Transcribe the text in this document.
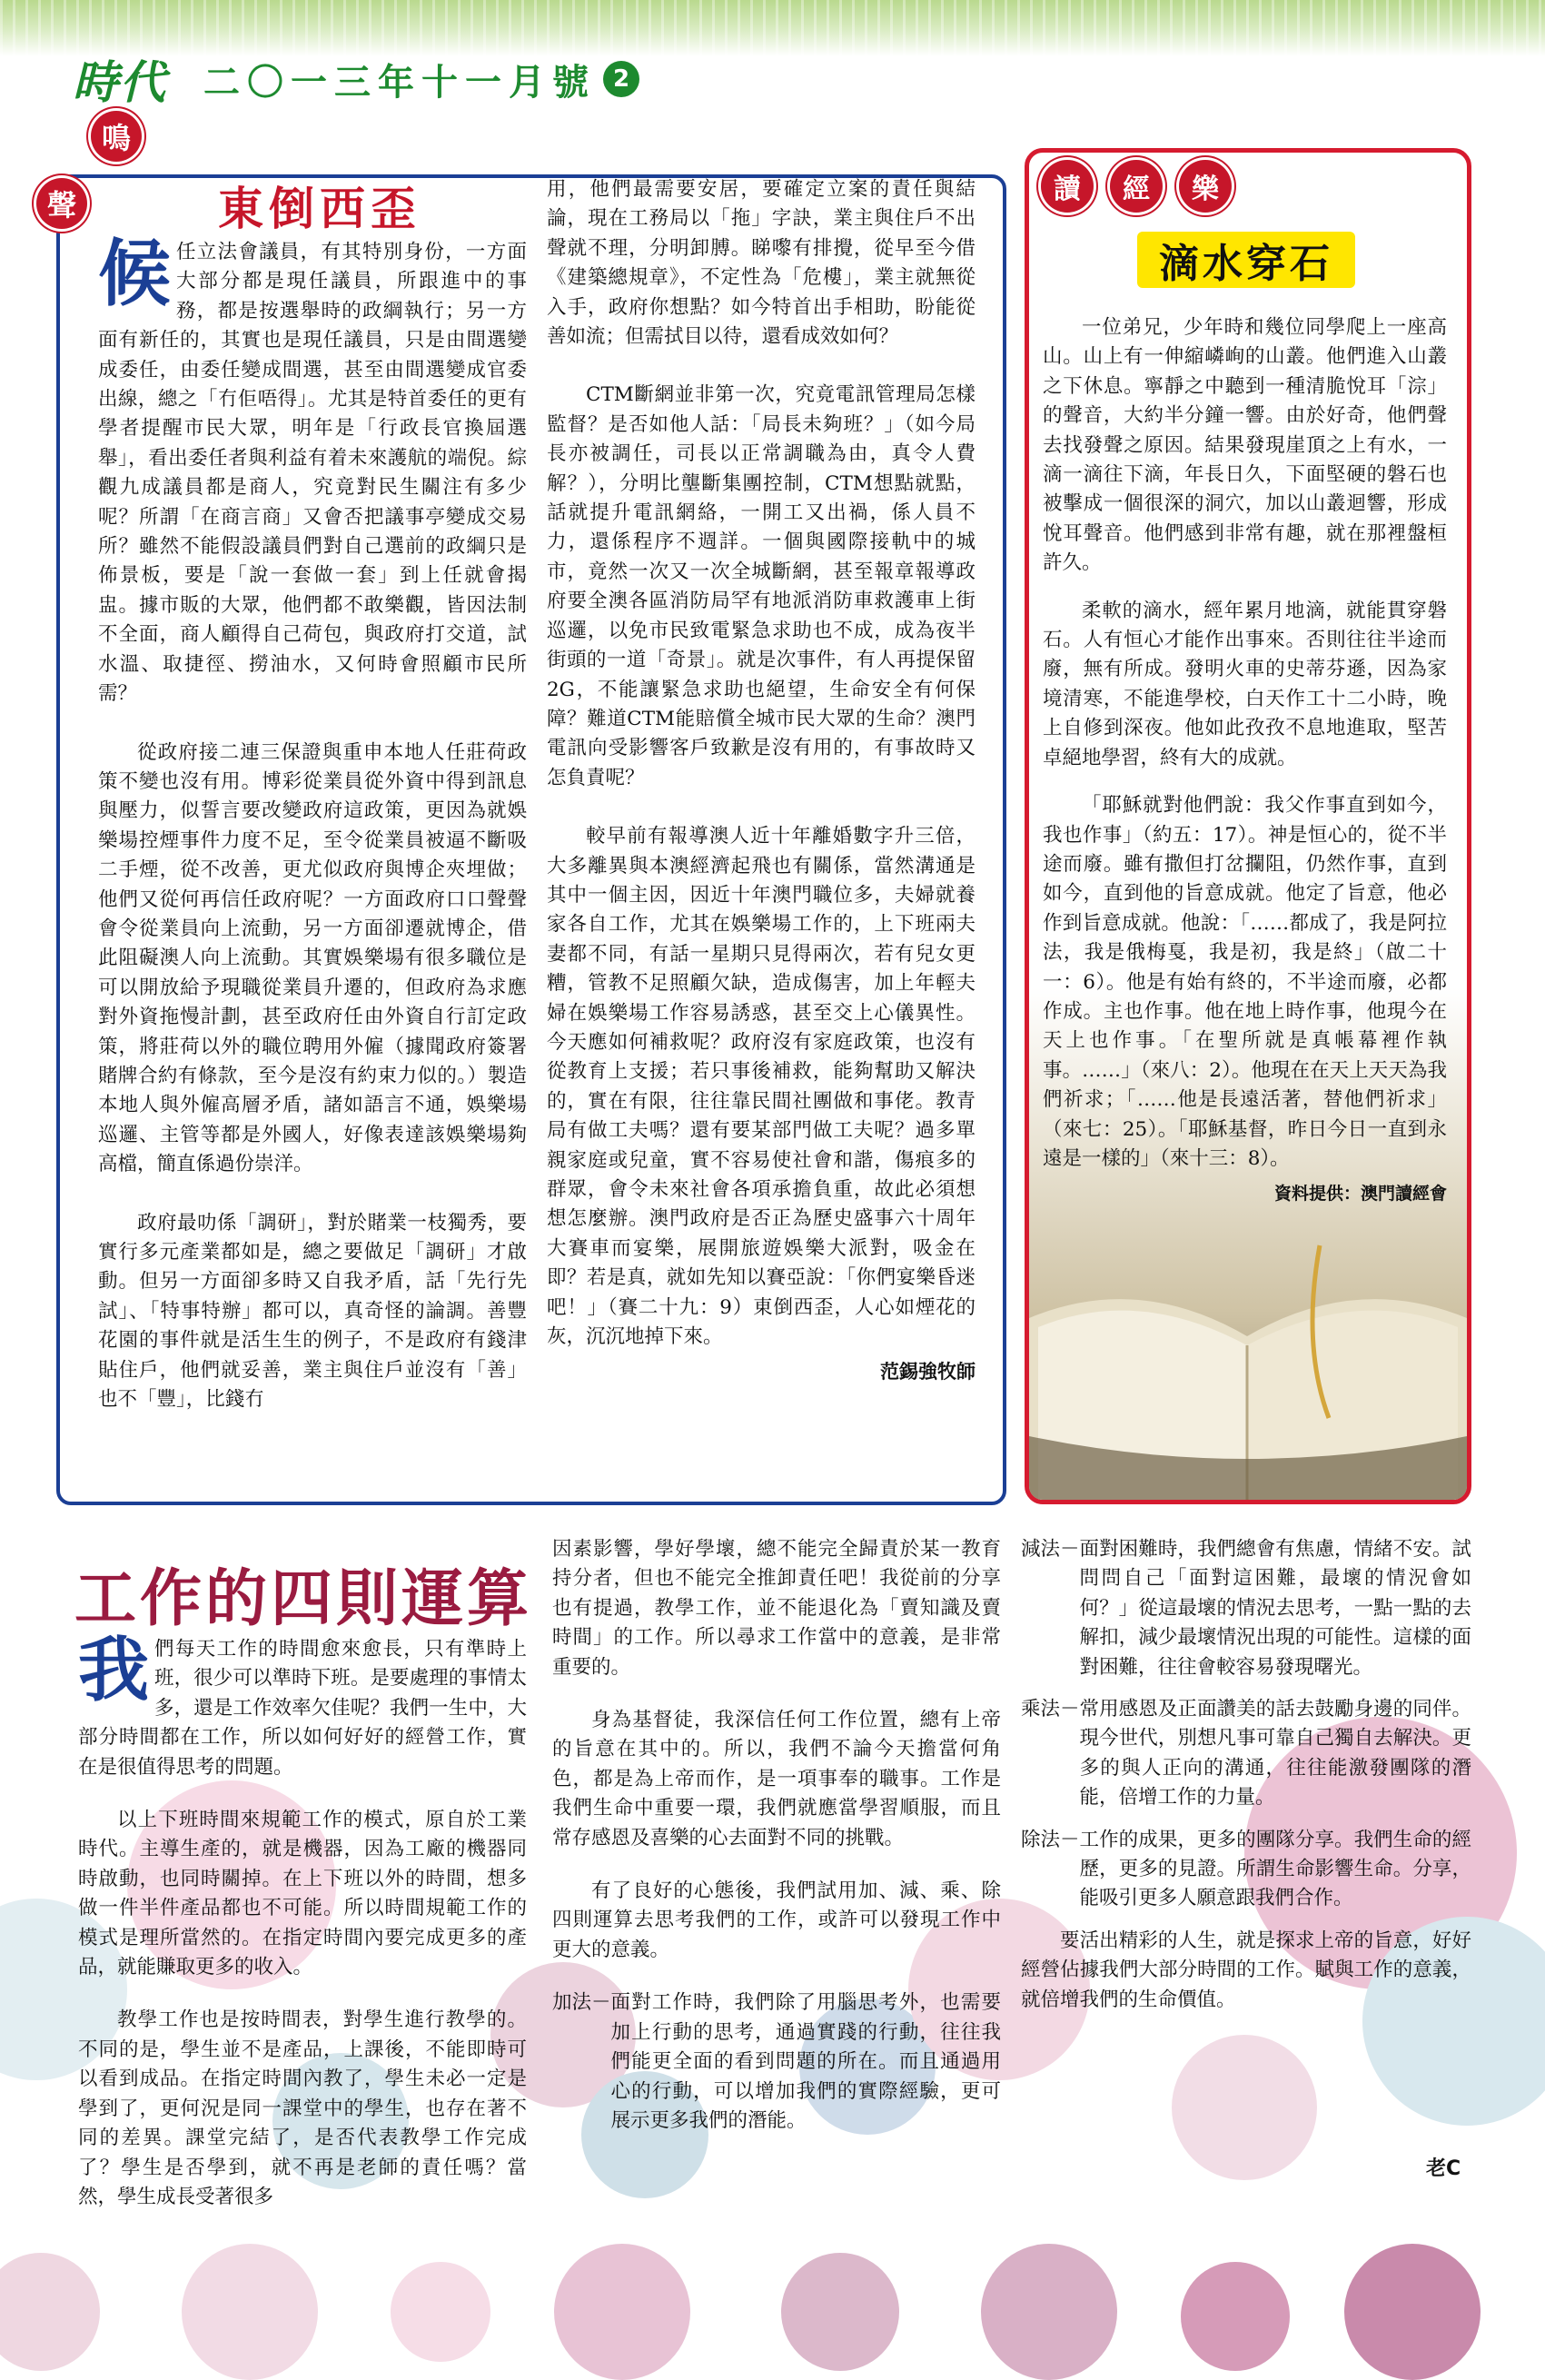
時代 二〇一三年十一月號 2
鳴
聲	東倒西歪

候任立法會議員，有其特別身份，一方面大部分都是現任議員，所跟進中的事務，都是按選舉時的政綱執行；另一方面有新任的，其實也是現任議員，只是由間選變成委任，由委任變成間選，甚至由間選變成官委出線，總之「冇佢唔得」。尤其是特首委任的更有學者提醒市民大眾，明年是「行政長官換屆選舉」，看出委任者與利益有着未來護航的端倪。綜觀九成議員都是商人，究竟對民生關注有多少呢？所謂「在商言商」又會否把議事亭變成交易所？雖然不能假設議員們對自己選前的政綱只是佈景板，要是「說一套做一套」到上任就會揭盅。據市販的大眾，他們都不敢樂觀，皆因法制不全面，商人顧得自己荷包，與政府打交道，試水溫、取捷徑、撈油水，又何時會照顧市民所需？

從政府接二連三保證與重申本地人任莊荷政策不變也沒有用。博彩從業員從外資中得到訊息與壓力，似誓言要改變政府這政策，更因為就娛樂場控煙事件力度不足，至令從業員被逼不斷吸二手煙，從不改善，更尤似政府與博企夾埋做；他們又從何再信任政府呢？一方面政府口口聲聲會令從業員向上流動，另一方面卻遷就博企，借此阻礙澳人向上流動。其實娛樂場有很多職位是可以開放給予現職從業員升遷的，但政府為求應對外資拖慢計劃，甚至政府任由外資自行訂定政策，將莊荷以外的職位聘用外僱（據聞政府簽署賭牌合約有條款，至今是沒有約束力似的。）製造本地人與外僱高層矛盾，諸如語言不通，娛樂場巡邏、主管等都是外國人，好像表達該娛樂場夠高檔，簡直係過份崇洋。

政府最叻係「調研」，對於賭業一枝獨秀，要實行多元產業都如是，總之要做足「調研」才啟動。但另一方面卻多時又自我矛盾，話「先行先試」、「特事特辦」都可以，真奇怪的論調。善豐花園的事件就是活生生的例子，不是政府有錢津貼住戶，他們就妥善，業主與住戶並沒有「善」也不「豐」，比錢冇

用，他們最需要安居，要確定立案的責任與結論，現在工務局以「拖」字訣，業主與住戶不出聲就不理，分明卸膊。睇嚟有排攪，從早至今借《建築總規章》，不定性為「危樓」，業主就無從入手，政府你想點？如今特首出手相助，盼能從善如流；但需拭目以待，還看成效如何？

CTM斷網並非第一次，究竟電訊管理局怎樣監督？是否如他人話：「局長未夠班？」（如今局長亦被調任，司長以正常調職為由，真令人費解？），分明比壟斷集團控制，CTM想點就點，話就提升電訊網絡，一開工又出禍，係人員不力，還係程序不週詳。一個與國際接軌中的城市，竟然一次又一次全城斷網，甚至報章報導政府要全澳各區消防局罕有地派消防車救護車上街巡邏，以免市民致電緊急求助也不成，成為夜半街頭的一道「奇景」。就是次事件，有人再提保留2G，不能讓緊急求助也絕望，生命安全有何保障？難道CTM能賠償全城市民大眾的生命？澳門電訊向受影響客戶致歉是沒有用的，有事故時又怎負責呢？

較早前有報導澳人近十年離婚數字升三倍，大多離異與本澳經濟起飛也有關係，當然溝通是其中一個主因，因近十年澳門職位多，夫婦就養家各自工作，尤其在娛樂場工作的，上下班兩夫妻都不同，有話一星期只見得兩次，若有兒女更糟，管教不足照顧欠缺，造成傷害，加上年輕夫婦在娛樂場工作容易誘惑，甚至交上心儀異性。今天應如何補救呢？政府沒有家庭政策，也沒有從教育上支援；若只事後補救，能夠幫助又解決的，實在有限，往往靠民間社團做和事佬。教青局有做工夫嗎？還有要某部門做工夫呢？過多單親家庭或兒童，實不容易使社會和諧，傷痕多的群眾，會令未來社會各項承擔負重，故此必須想想怎麼辦。澳門政府是否正為歷史盛事六十周年大賽車而宴樂，展開旅遊娛樂大派對，吸金在即？若是真，就如先知以賽亞說：「你們宴樂昏迷吧！」（賽二十九：9）東倒西歪，人心如煙花的灰，沉沉地掉下來。

范錫強牧師
讀	經	樂
滴水穿石

一位弟兄，少年時和幾位同學爬上一座高山。山上有一伸縮嶙峋的山叢。他們進入山叢之下休息。寧靜之中聽到一種清脆悅耳「淙」的聲音，大約半分鐘一響。由於好奇，他們聲去找發聲之原因。結果發現崖頂之上有水，一滴一滴往下滴，年長日久，下面堅硬的磐石也被擊成一個很深的洞穴，加以山叢迴響，形成悅耳聲音。他們感到非常有趣，就在那裡盤桓許久。

柔軟的滴水，經年累月地滴，就能貫穿磐石。人有恒心才能作出事來。否則往往半途而廢，無有所成。發明火車的史蒂芬遜，因為家境清寒，不能進學校，白天作工十二小時，晚上自修到深夜。他如此孜孜不息地進取，堅苦卓絕地學習，終有大的成就。

「耶穌就對他們說：我父作事直到如今，我也作事」（約五：17）。神是恒心的，從不半途而廢。雖有撒但打岔攔阻，仍然作事，直到如今，直到他的旨意成就。他定了旨意，他必作到旨意成就。他說：「……都成了，我是阿拉法，我是俄梅戛，我是初，我是終」（啟二十一：6）。他是有始有終的，不半途而廢，必都作成。主也作事。他在地上時作事，他現今在天上也作事。「在聖所就是真帳幕裡作執事。……」（來八：2）。他現在在天上天天為我們祈求；「……他是長遠活著，替他們祈求」（來七：25）。「耶穌基督，昨日今日一直到永遠是一樣的」（來十三：8）。

資料提供：澳門讀經會
工作的四則運算

我們每天工作的時間愈來愈長，只有準時上班，很少可以準時下班。是要處理的事情太多，還是工作效率欠佳呢？我們一生中，大部分時間都在工作，所以如何好好的經營工作，實在是很值得思考的問題。

以上下班時間來規範工作的模式，原自於工業時代。主導生產的，就是機器，因為工廠的機器同時啟動，也同時關掉。在上下班以外的時間，想多做一件半件產品都也不可能。所以時間規範工作的模式是理所當然的。在指定時間內要完成更多的產品，就能賺取更多的收入。

教學工作也是按時間表，對學生進行教學的。不同的是，學生並不是產品，上課後，不能即時可以看到成品。在指定時間內教了，學生未必一定是學到了，更何況是同一課堂中的學生，也存在著不同的差異。課堂完結了，是否代表教學工作完成了？學生是否學到，就不再是老師的責任嗎？當然，學生成長受著很多

因素影響，學好學壞，總不能完全歸責於某一教育持分者，但也不能完全推卸責任吧！我從前的分享也有提過，教學工作，並不能退化為「賣知識及賣時間」的工作。所以尋求工作當中的意義，是非常重要的。

身為基督徒，我深信任何工作位置，總有上帝的旨意在其中的。所以，我們不論今天擔當何角色，都是為上帝而作，是一項事奉的職事。工作是我們生命中重要一環，我們就應當學習順服，而且常存感恩及喜樂的心去面對不同的挑戰。

有了良好的心態後，我們試用加、減、乘、除四則運算去思考我們的工作，或許可以發現工作中更大的意義。

加法－ 面對工作時，我們除了用腦思考外，也需要加上行動的思考，通過實踐的行動，往往我們能更全面的看到問題的所在。而且通過用心的行動，可以增加我們的實際經驗，更可展示更多我們的潛能。
減法－ 面對困難時，我們總會有焦慮，情緒不安。試問問自己「面對這困難，最壞的情況會如何？」從這最壞的情況去思考，一點一點的去解扣，減少最壞情況出現的可能性。這樣的面對困難，往往會較容易發現曙光。
乘法－ 常用感恩及正面讚美的話去鼓勵身邊的同伴。現今世代，別想凡事可靠自己獨自去解決。更多的與人正向的溝通，往往能激發團隊的潛能，倍增工作的力量。
除法－ 工作的成果，更多的團隊分享。我們生命的經歷，更多的見證。所謂生命影響生命。分享，能吸引更多人願意跟我們合作。

要活出精彩的人生，就是探求上帝的旨意，好好經營佔據我們大部分時間的工作。賦與工作的意義，就倍增我們的生命價值。

老C
